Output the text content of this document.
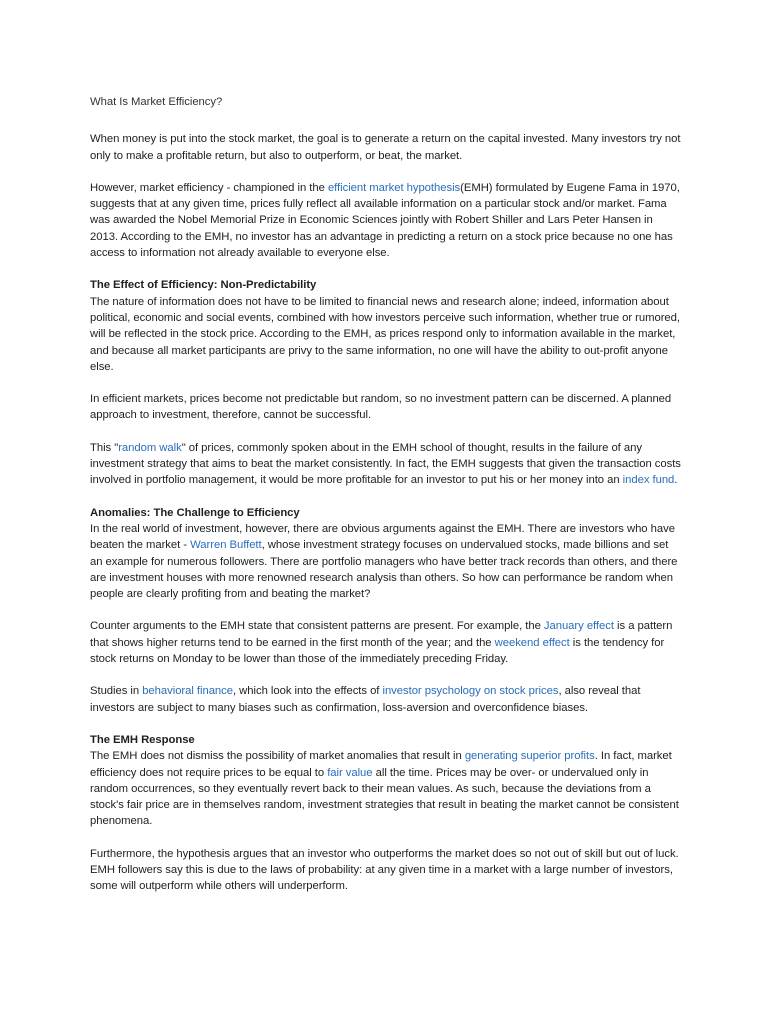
What Is Market Efficiency?

When money is put into the stock market, the goal is to generate a return on the capital invested. Many investors try not only to make a profitable return, but also to outperform, or beat, the market.

However, market efficiency - championed in the efficient market hypothesis(EMH) formulated by Eugene Fama in 1970, suggests that at any given time, prices fully reflect all available information on a particular stock and/or market. Fama was awarded the Nobel Memorial Prize in Economic Sciences jointly with Robert Shiller and Lars Peter Hansen in 2013. According to the EMH, no investor has an advantage in predicting a return on a stock price because no one has access to information not already available to everyone else.

The Effect of Efficiency: Non-Predictability
The nature of information does not have to be limited to financial news and research alone; indeed, information about political, economic and social events, combined with how investors perceive such information, whether true or rumored, will be reflected in the stock price. According to the EMH, as prices respond only to information available in the market, and because all market participants are privy to the same information, no one will have the ability to out-profit anyone else.

In efficient markets, prices become not predictable but random, so no investment pattern can be discerned. A planned approach to investment, therefore, cannot be successful.

This "random walk" of prices, commonly spoken about in the EMH school of thought, results in the failure of any investment strategy that aims to beat the market consistently. In fact, the EMH suggests that given the transaction costs involved in portfolio management, it would be more profitable for an investor to put his or her money into an index fund.

Anomalies: The Challenge to Efficiency
In the real world of investment, however, there are obvious arguments against the EMH. There are investors who have beaten the market - Warren Buffett, whose investment strategy focuses on undervalued stocks, made billions and set an example for numerous followers. There are portfolio managers who have better track records than others, and there are investment houses with more renowned research analysis than others. So how can performance be random when people are clearly profiting from and beating the market?

Counter arguments to the EMH state that consistent patterns are present. For example, the January effect is a pattern that shows higher returns tend to be earned in the first month of the year; and the weekend effect is the tendency for stock returns on Monday to be lower than those of the immediately preceding Friday.

Studies in behavioral finance, which look into the effects of investor psychology on stock prices, also reveal that investors are subject to many biases such as confirmation, loss-aversion and overconfidence biases.

The EMH Response
The EMH does not dismiss the possibility of market anomalies that result in generating superior profits. In fact, market efficiency does not require prices to be equal to fair value all the time. Prices may be over- or undervalued only in random occurrences, so they eventually revert back to their mean values. As such, because the deviations from a stock's fair price are in themselves random, investment strategies that result in beating the market cannot be consistent phenomena.

Furthermore, the hypothesis argues that an investor who outperforms the market does so not out of skill but out of luck. EMH followers say this is due to the laws of probability: at any given time in a market with a large number of investors, some will outperform while others will underperform.
